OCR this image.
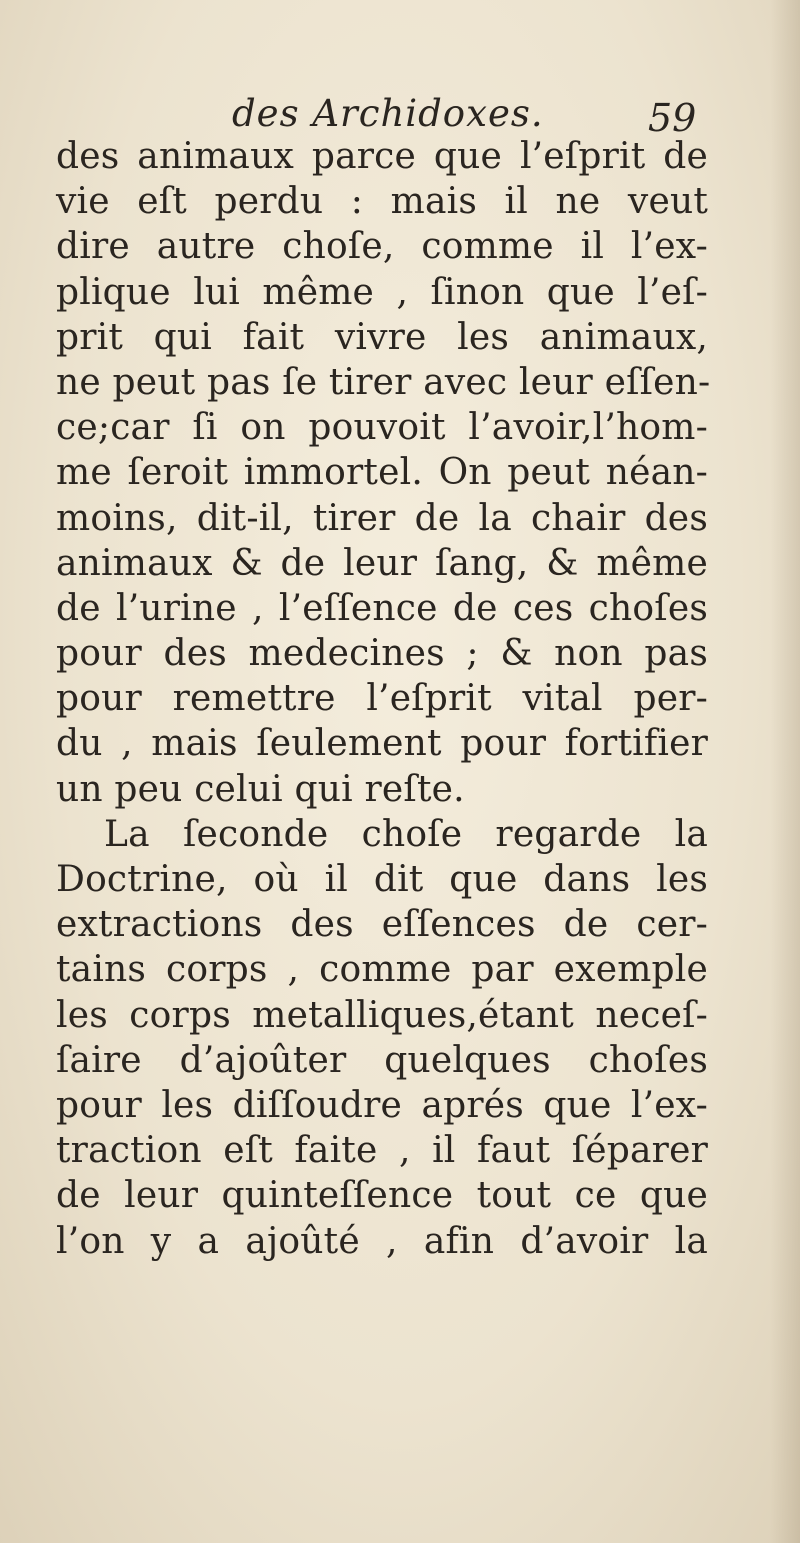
des Archidoxes.	59
des animaux parce que l’eſprit de
vie eſt perdu : mais il ne veut
dire autre choſe, comme il l’ex-
plique lui même , ſinon que l’eſ-
prit qui fait vivre les animaux,
ne peut pas ſe tirer avec leur eſſen-
ce;car ſi on pouvoit l’avoir,l’hom-
me ſeroit immortel. On peut néan-
moins, dit-il, tirer de la chair des
animaux & de leur ſang, & même
de l’urine , l’eſſence de ces choſes
pour des medecines ; & non pas
pour remettre l’eſprit vital per-
du , mais ſeulement pour fortifier
un peu celui qui reſte.
La ſeconde choſe regarde la
Doctrine, où il dit que dans les
extractions des eſſences de cer-
tains corps , comme par exemple
les corps metalliques,étant neceſ-
ſaire d’ajoûter quelques choſes
pour les diſſoudre aprés que l’ex-
traction eſt faite , il faut ſéparer
de leur quinteſſence tout ce que
l’on y a ajoûté , afin d’avoir la
